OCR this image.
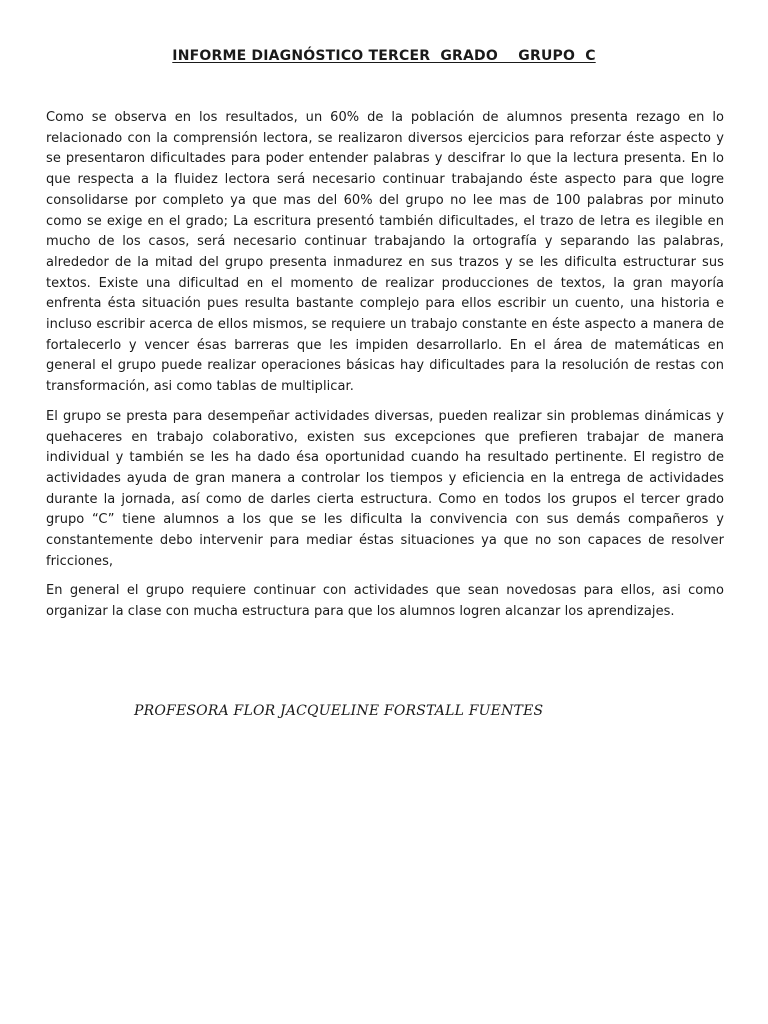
INFORME DIAGNÓSTICO TERCER  GRADO    GRUPO  C

Como se observa en los resultados, un 60% de la población de alumnos presenta rezago en lo relacionado con la comprensión lectora, se realizaron diversos ejercicios para reforzar éste aspecto y se presentaron dificultades para poder entender palabras y descifrar lo que la lectura presenta. En lo que respecta a la fluidez lectora será necesario continuar trabajando éste aspecto para que logre consolidarse por completo ya que mas del 60% del grupo no lee mas de 100 palabras por minuto como se exige en el grado; La escritura presentó también dificultades, el trazo de letra es ilegible en mucho de los casos, será necesario continuar trabajando la ortografía y separando las palabras, alrededor de la mitad del grupo presenta inmadurez en sus trazos y se les dificulta estructurar sus textos. Existe una dificultad en el momento de realizar producciones de textos, la gran mayoría enfrenta ésta situación pues resulta bastante complejo para ellos escribir un cuento, una historia e incluso escribir acerca de ellos mismos, se requiere un trabajo constante en éste aspecto a manera de fortalecerlo y vencer ésas barreras que les impiden desarrollarlo. En el área de matemáticas en general el grupo puede realizar operaciones básicas hay dificultades para la resolución de restas con transformación, asi como tablas de multiplicar.

El grupo se presta para desempeñar actividades diversas, pueden realizar sin problemas dinámicas y quehaceres en trabajo colaborativo, existen sus excepciones que prefieren trabajar de manera individual y también se les ha dado ésa oportunidad cuando ha resultado pertinente. El registro de actividades ayuda de gran manera a controlar los tiempos y eficiencia en la entrega de actividades durante la jornada, así como de darles cierta estructura. Como en todos los grupos el tercer grado grupo “C” tiene alumnos a los que se les dificulta la convivencia con sus demás compañeros y constantemente debo intervenir para mediar éstas situaciones ya que no son capaces de resolver fricciones,

En general el grupo requiere continuar con actividades que sean novedosas para ellos, asi como organizar la clase con mucha estructura para que los alumnos logren alcanzar los aprendizajes.

PROFESORA FLOR JACQUELINE FORSTALL FUENTES
